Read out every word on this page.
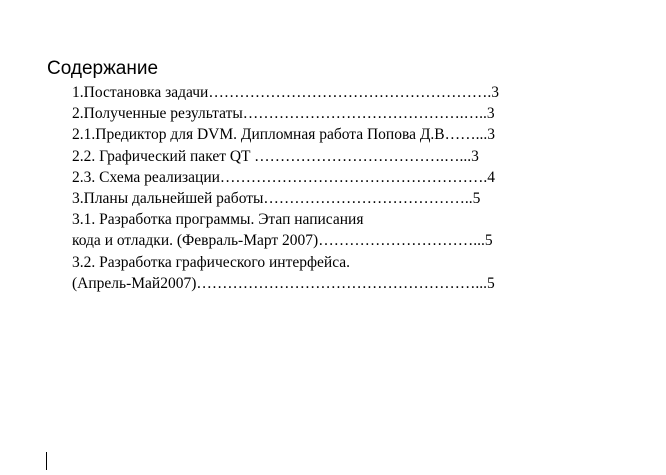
Содержание
1.Постановка задачи……………………………………………….3
2.Полученные результаты…………………………………….…..3
2.1.Предиктор для DVM. Дипломная работа Попова Д.В……...3
2.2. Графический пакет QT ……………………………….…...3
2.3. Схема реализации…………………………………………….4
3.Планы дальнейшей работы…………………………………..5
3.1. Разработка программы. Этап написания
кода и отладки. (Февраль-Март 2007)…………………………...5
3.2. Разработка графического интерфейса.
(Апрель-Май2007)………………………………………………...5
